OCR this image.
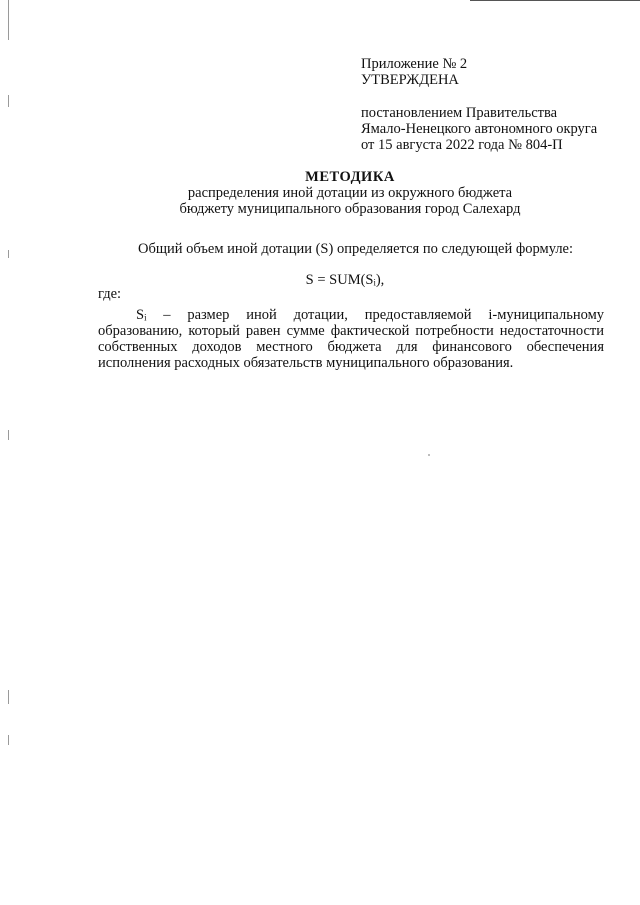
Приложение № 2
УТВЕРЖДЕНА
постановлением Правительства
Ямало-Ненецкого автономного округа
от 15 августа 2022 года № 804-П
МЕТОДИКА
распределения иной дотации из окружного бюджета
бюджету муниципального образования город Салехард
Общий объем иной дотации (S) определяется по следующей формуле:
S = SUM(Sᵢ),
где:
Sᵢ – размер иной дотации, предоставляемой i-муниципальному образованию, который равен сумме фактической потребности недостаточности собственных доходов местного бюджета для финансового обеспечения исполнения расходных обязательств муниципального образования.
